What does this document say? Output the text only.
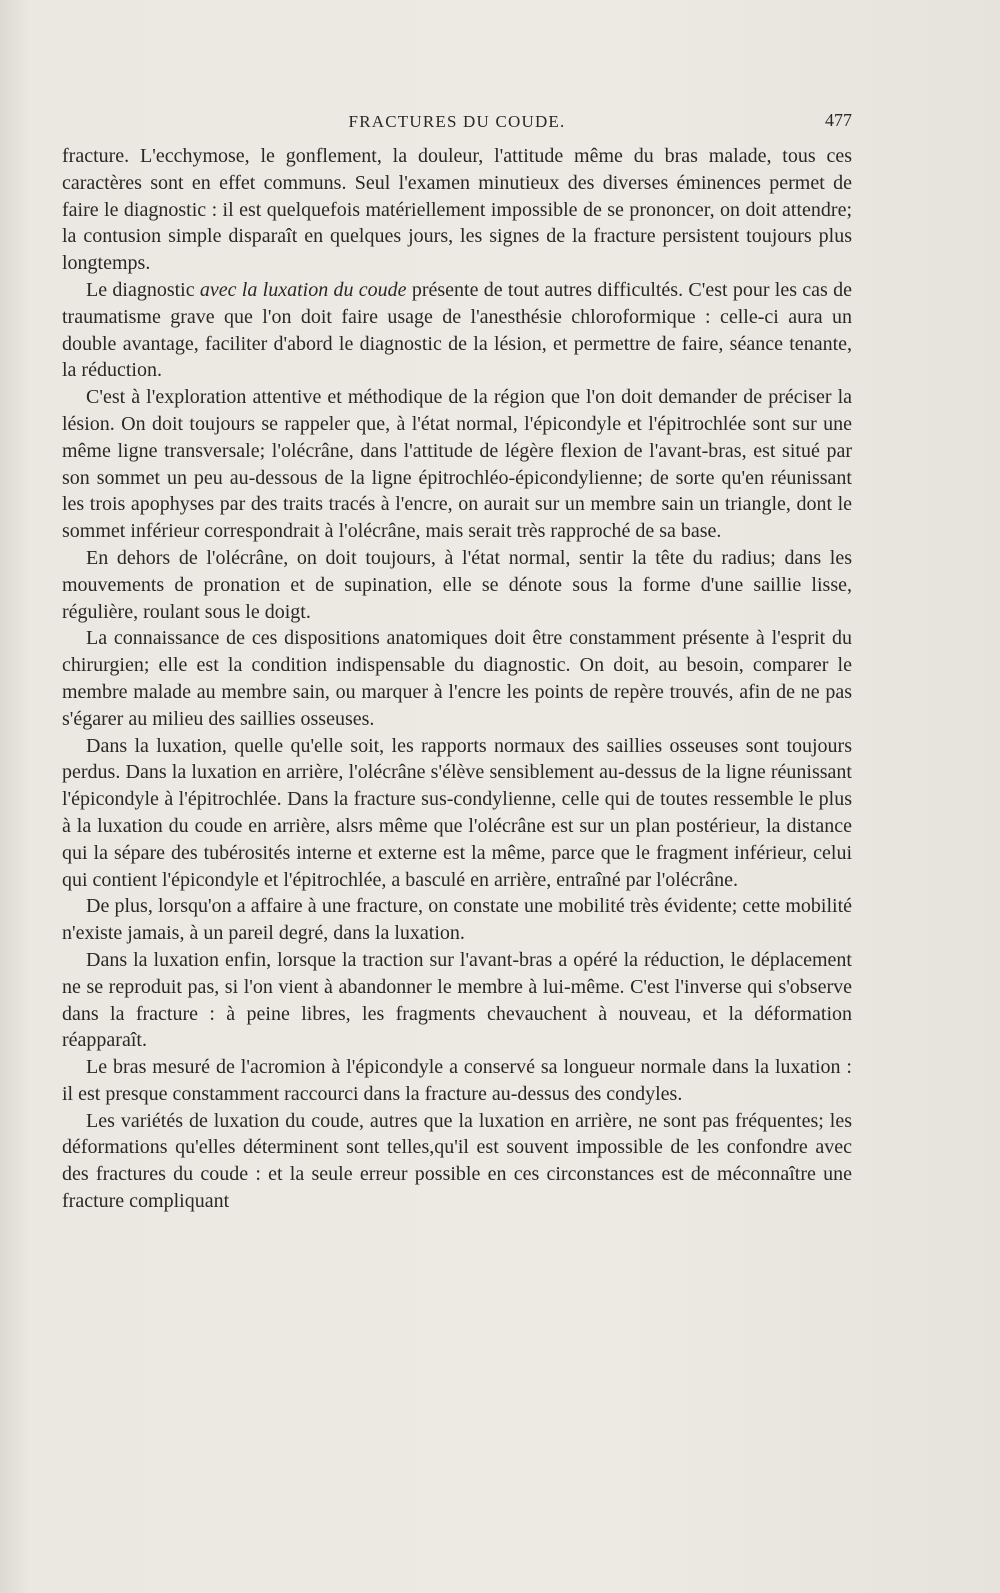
FRACTURES DU COUDE.	477

fracture. L'ecchymose, le gonflement, la douleur, l'attitude même du bras malade, tous ces caractères sont en effet communs. Seul l'examen minutieux des diverses éminences permet de faire le diagnostic : il est quelquefois matériellement impossible de se prononcer, on doit attendre; la contusion simple disparaît en quelques jours, les signes de la fracture persistent toujours plus longtemps.

Le diagnostic avec la luxation du coude présente de tout autres difficultés. C'est pour les cas de traumatisme grave que l'on doit faire usage de l'anesthésie chloroformique : celle-ci aura un double avantage, faciliter d'abord le diagnostic de la lésion, et permettre de faire, séance tenante, la réduction.

C'est à l'exploration attentive et méthodique de la région que l'on doit demander de préciser la lésion. On doit toujours se rappeler que, à l'état normal, l'épicondyle et l'épitrochlée sont sur une même ligne transversale; l'olécrâne, dans l'attitude de légère flexion de l'avant-bras, est situé par son sommet un peu au-dessous de la ligne épitrochléo-épicondylienne; de sorte qu'en réunissant les trois apophyses par des traits tracés à l'encre, on aurait sur un membre sain un triangle, dont le sommet inférieur correspondrait à l'olécrâne, mais serait très rapproché de sa base.

En dehors de l'olécrâne, on doit toujours, à l'état normal, sentir la tête du radius; dans les mouvements de pronation et de supination, elle se dénote sous la forme d'une saillie lisse, régulière, roulant sous le doigt.

La connaissance de ces dispositions anatomiques doit être constamment présente à l'esprit du chirurgien; elle est la condition indispensable du diagnostic. On doit, au besoin, comparer le membre malade au membre sain, ou marquer à l'encre les points de repère trouvés, afin de ne pas s'égarer au milieu des saillies osseuses.

Dans la luxation, quelle qu'elle soit, les rapports normaux des saillies osseuses sont toujours perdus. Dans la luxation en arrière, l'olécrâne s'élève sensiblement au-dessus de la ligne réunissant l'épicondyle à l'épitrochlée. Dans la fracture sus-condylienne, celle qui de toutes ressemble le plus à la luxation du coude en arrière, alsrs même que l'olécrâne est sur un plan postérieur, la distance qui la sépare des tubérosités interne et externe est la même, parce que le fragment inférieur, celui qui contient l'épicondyle et l'épitrochlée, a basculé en arrière, entraîné par l'olécrâne.

De plus, lorsqu'on a affaire à une fracture, on constate une mobilité très évidente; cette mobilité n'existe jamais, à un pareil degré, dans la luxation.

Dans la luxation enfin, lorsque la traction sur l'avant-bras a opéré la réduction, le déplacement ne se reproduit pas, si l'on vient à abandonner le membre à lui-même. C'est l'inverse qui s'observe dans la fracture : à peine libres, les fragments chevauchent à nouveau, et la déformation réapparaît.

Le bras mesuré de l'acromion à l'épicondyle a conservé sa longueur normale dans la luxation : il est presque constamment raccourci dans la fracture au-dessus des condyles.

Les variétés de luxation du coude, autres que la luxation en arrière, ne sont pas fréquentes; les déformations qu'elles déterminent sont telles,qu'il est souvent impossible de les confondre avec des fractures du coude : et la seule erreur possible en ces circonstances est de méconnaître une fracture compliquant
